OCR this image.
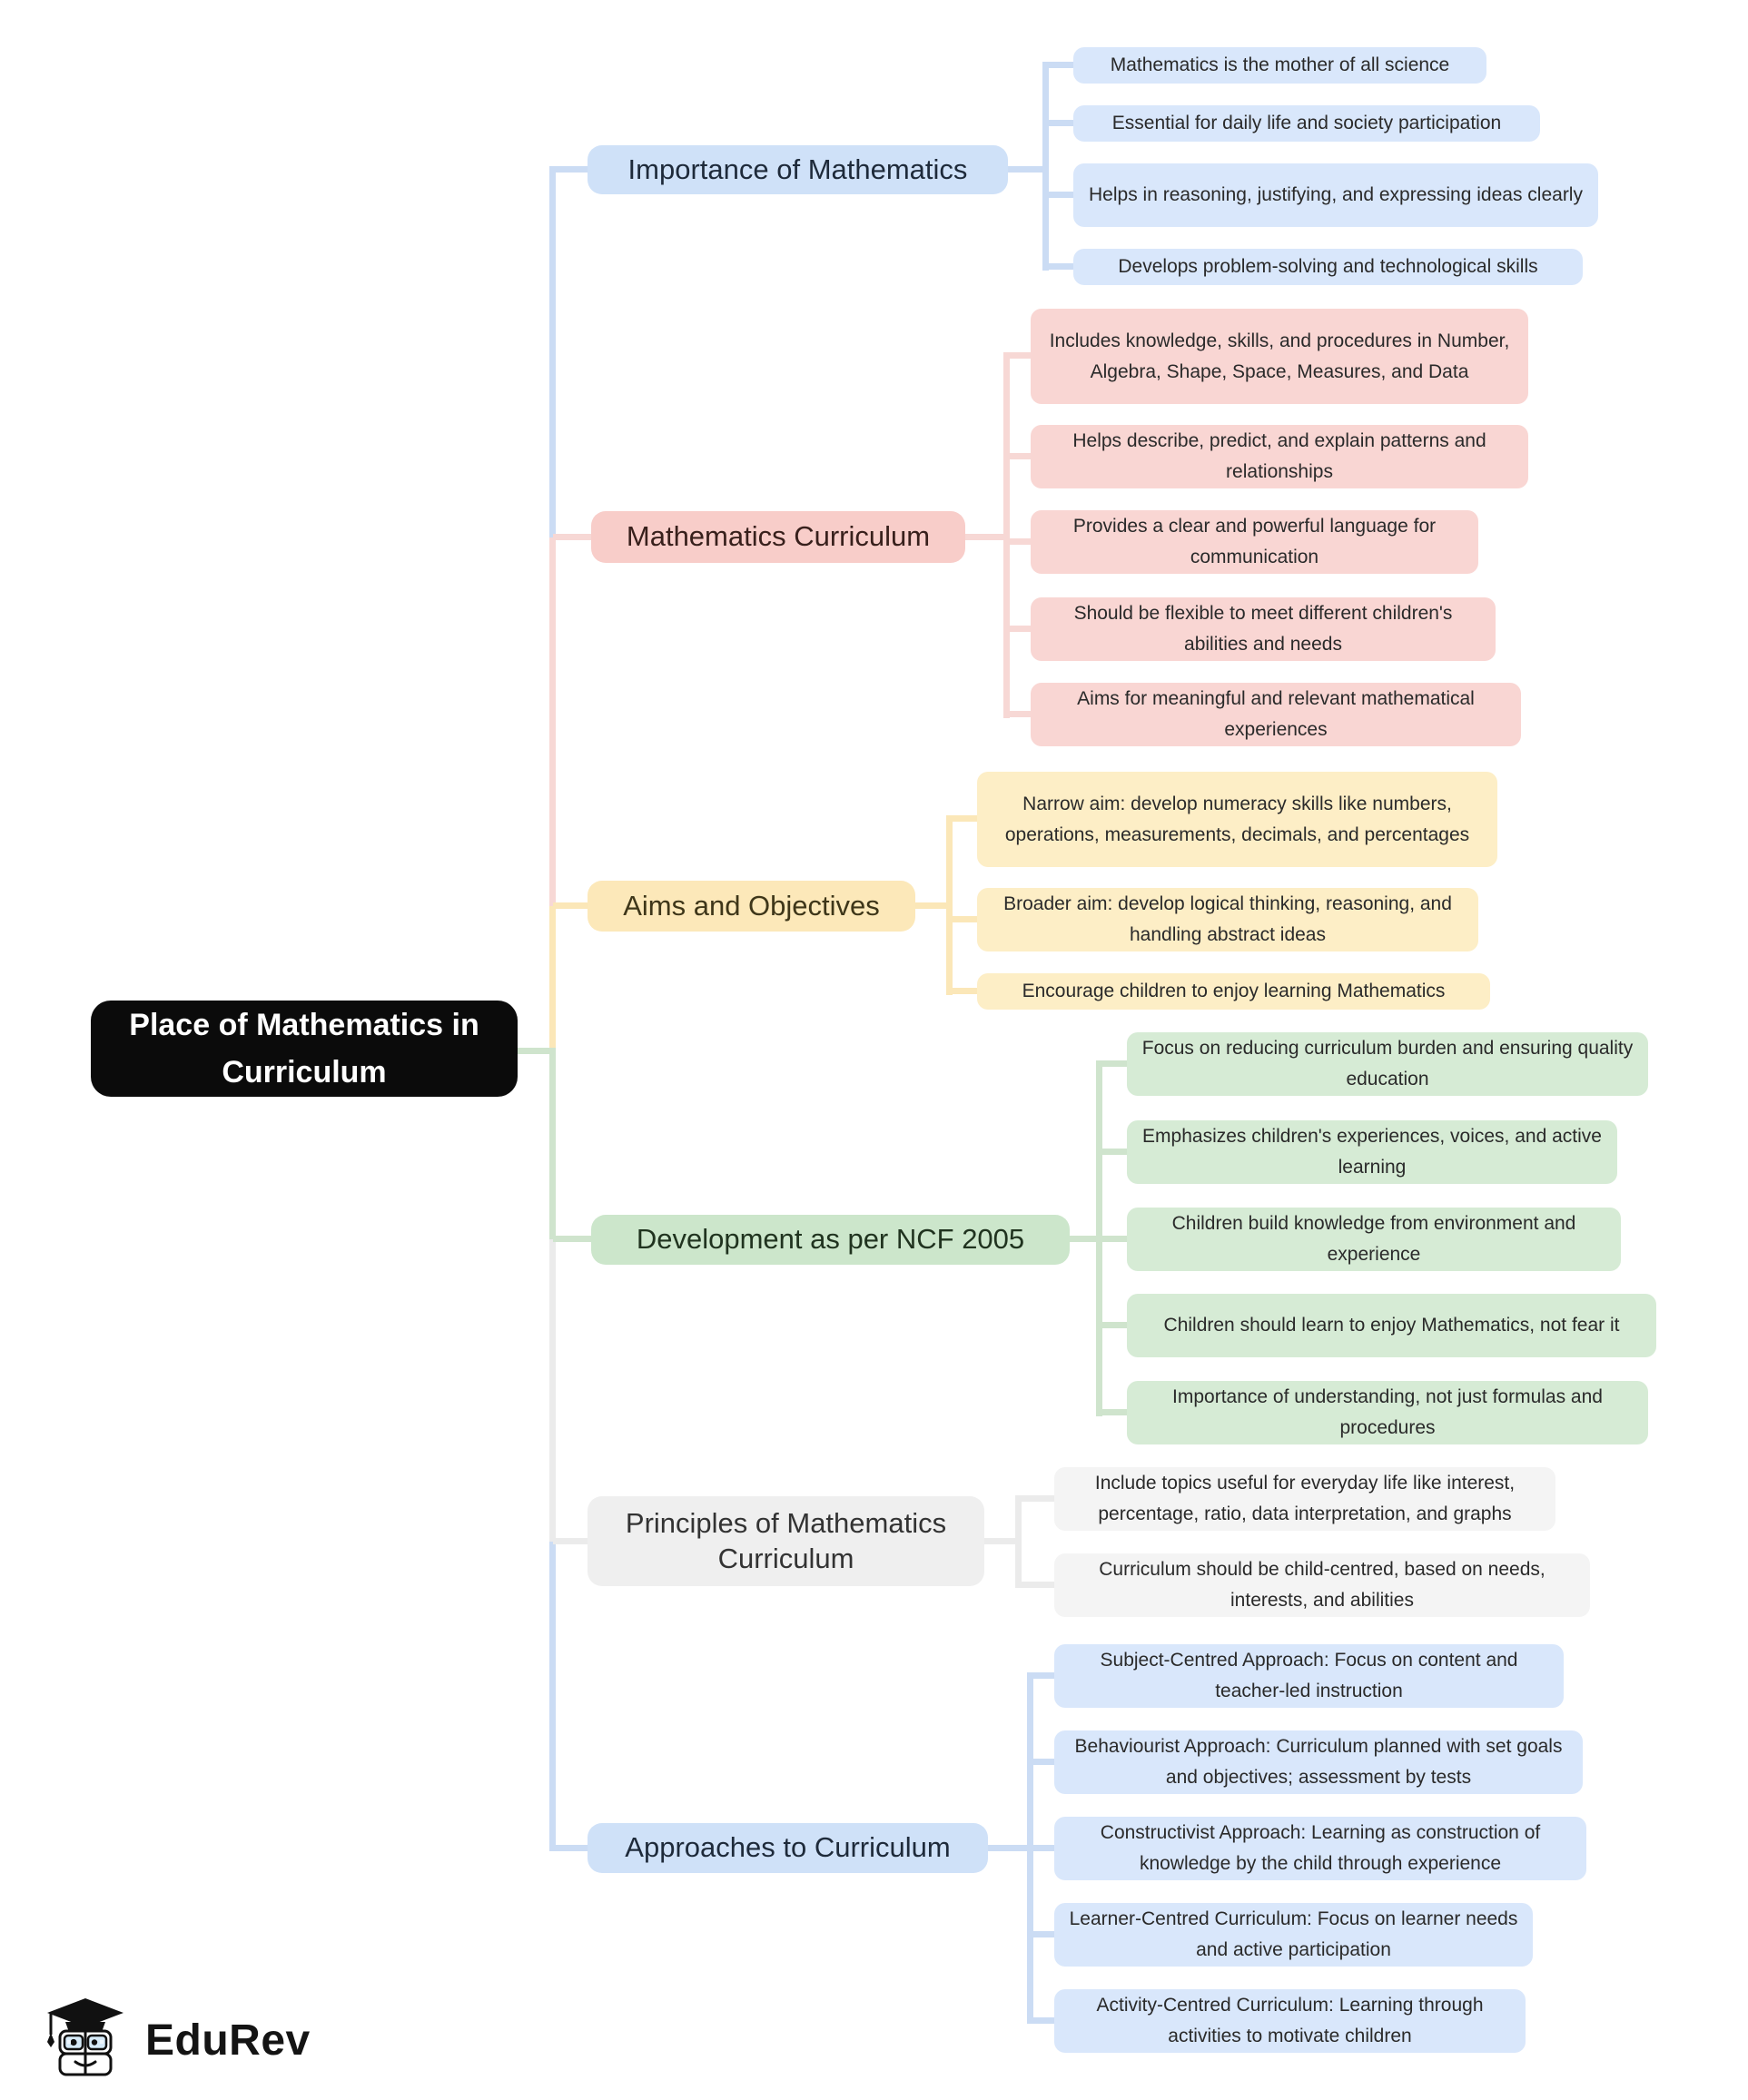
Place of Mathematics in Curriculum
Importance of Mathematics
Mathematics is the mother of all science
Essential for daily life and society participation
Helps in reasoning, justifying, and expressing ideas clearly
Develops problem-solving and technological skills
Mathematics Curriculum
Includes knowledge, skills, and procedures in Number, Algebra, Shape, Space, Measures, and Data
Helps describe, predict, and explain patterns and relationships
Provides a clear and powerful language for communication
Should be flexible to meet different children's abilities and needs
Aims for meaningful and relevant mathematical experiences
Aims and Objectives
Narrow aim: develop numeracy skills like numbers, operations, measurements, decimals, and percentages
Broader aim: develop logical thinking, reasoning, and handling abstract ideas
Encourage children to enjoy learning Mathematics
Development as per NCF 2005
Focus on reducing curriculum burden and ensuring quality education
Emphasizes children's experiences, voices, and active learning
Children build knowledge from environment and experience
Children should learn to enjoy Mathematics, not fear it
Importance of understanding, not just formulas and procedures
Principles of Mathematics Curriculum
Include topics useful for everyday life like interest, percentage, ratio, data interpretation, and graphs
Curriculum should be child-centred, based on needs, interests, and abilities
Approaches to Curriculum
Subject-Centred Approach: Focus on content and teacher-led instruction
Behaviourist Approach: Curriculum planned with set goals and objectives; assessment by tests
Constructivist Approach: Learning as construction of knowledge by the child through experience
Learner-Centred Curriculum: Focus on learner needs and active participation
Activity-Centred Curriculum: Learning through activities to motivate children
EduRev
